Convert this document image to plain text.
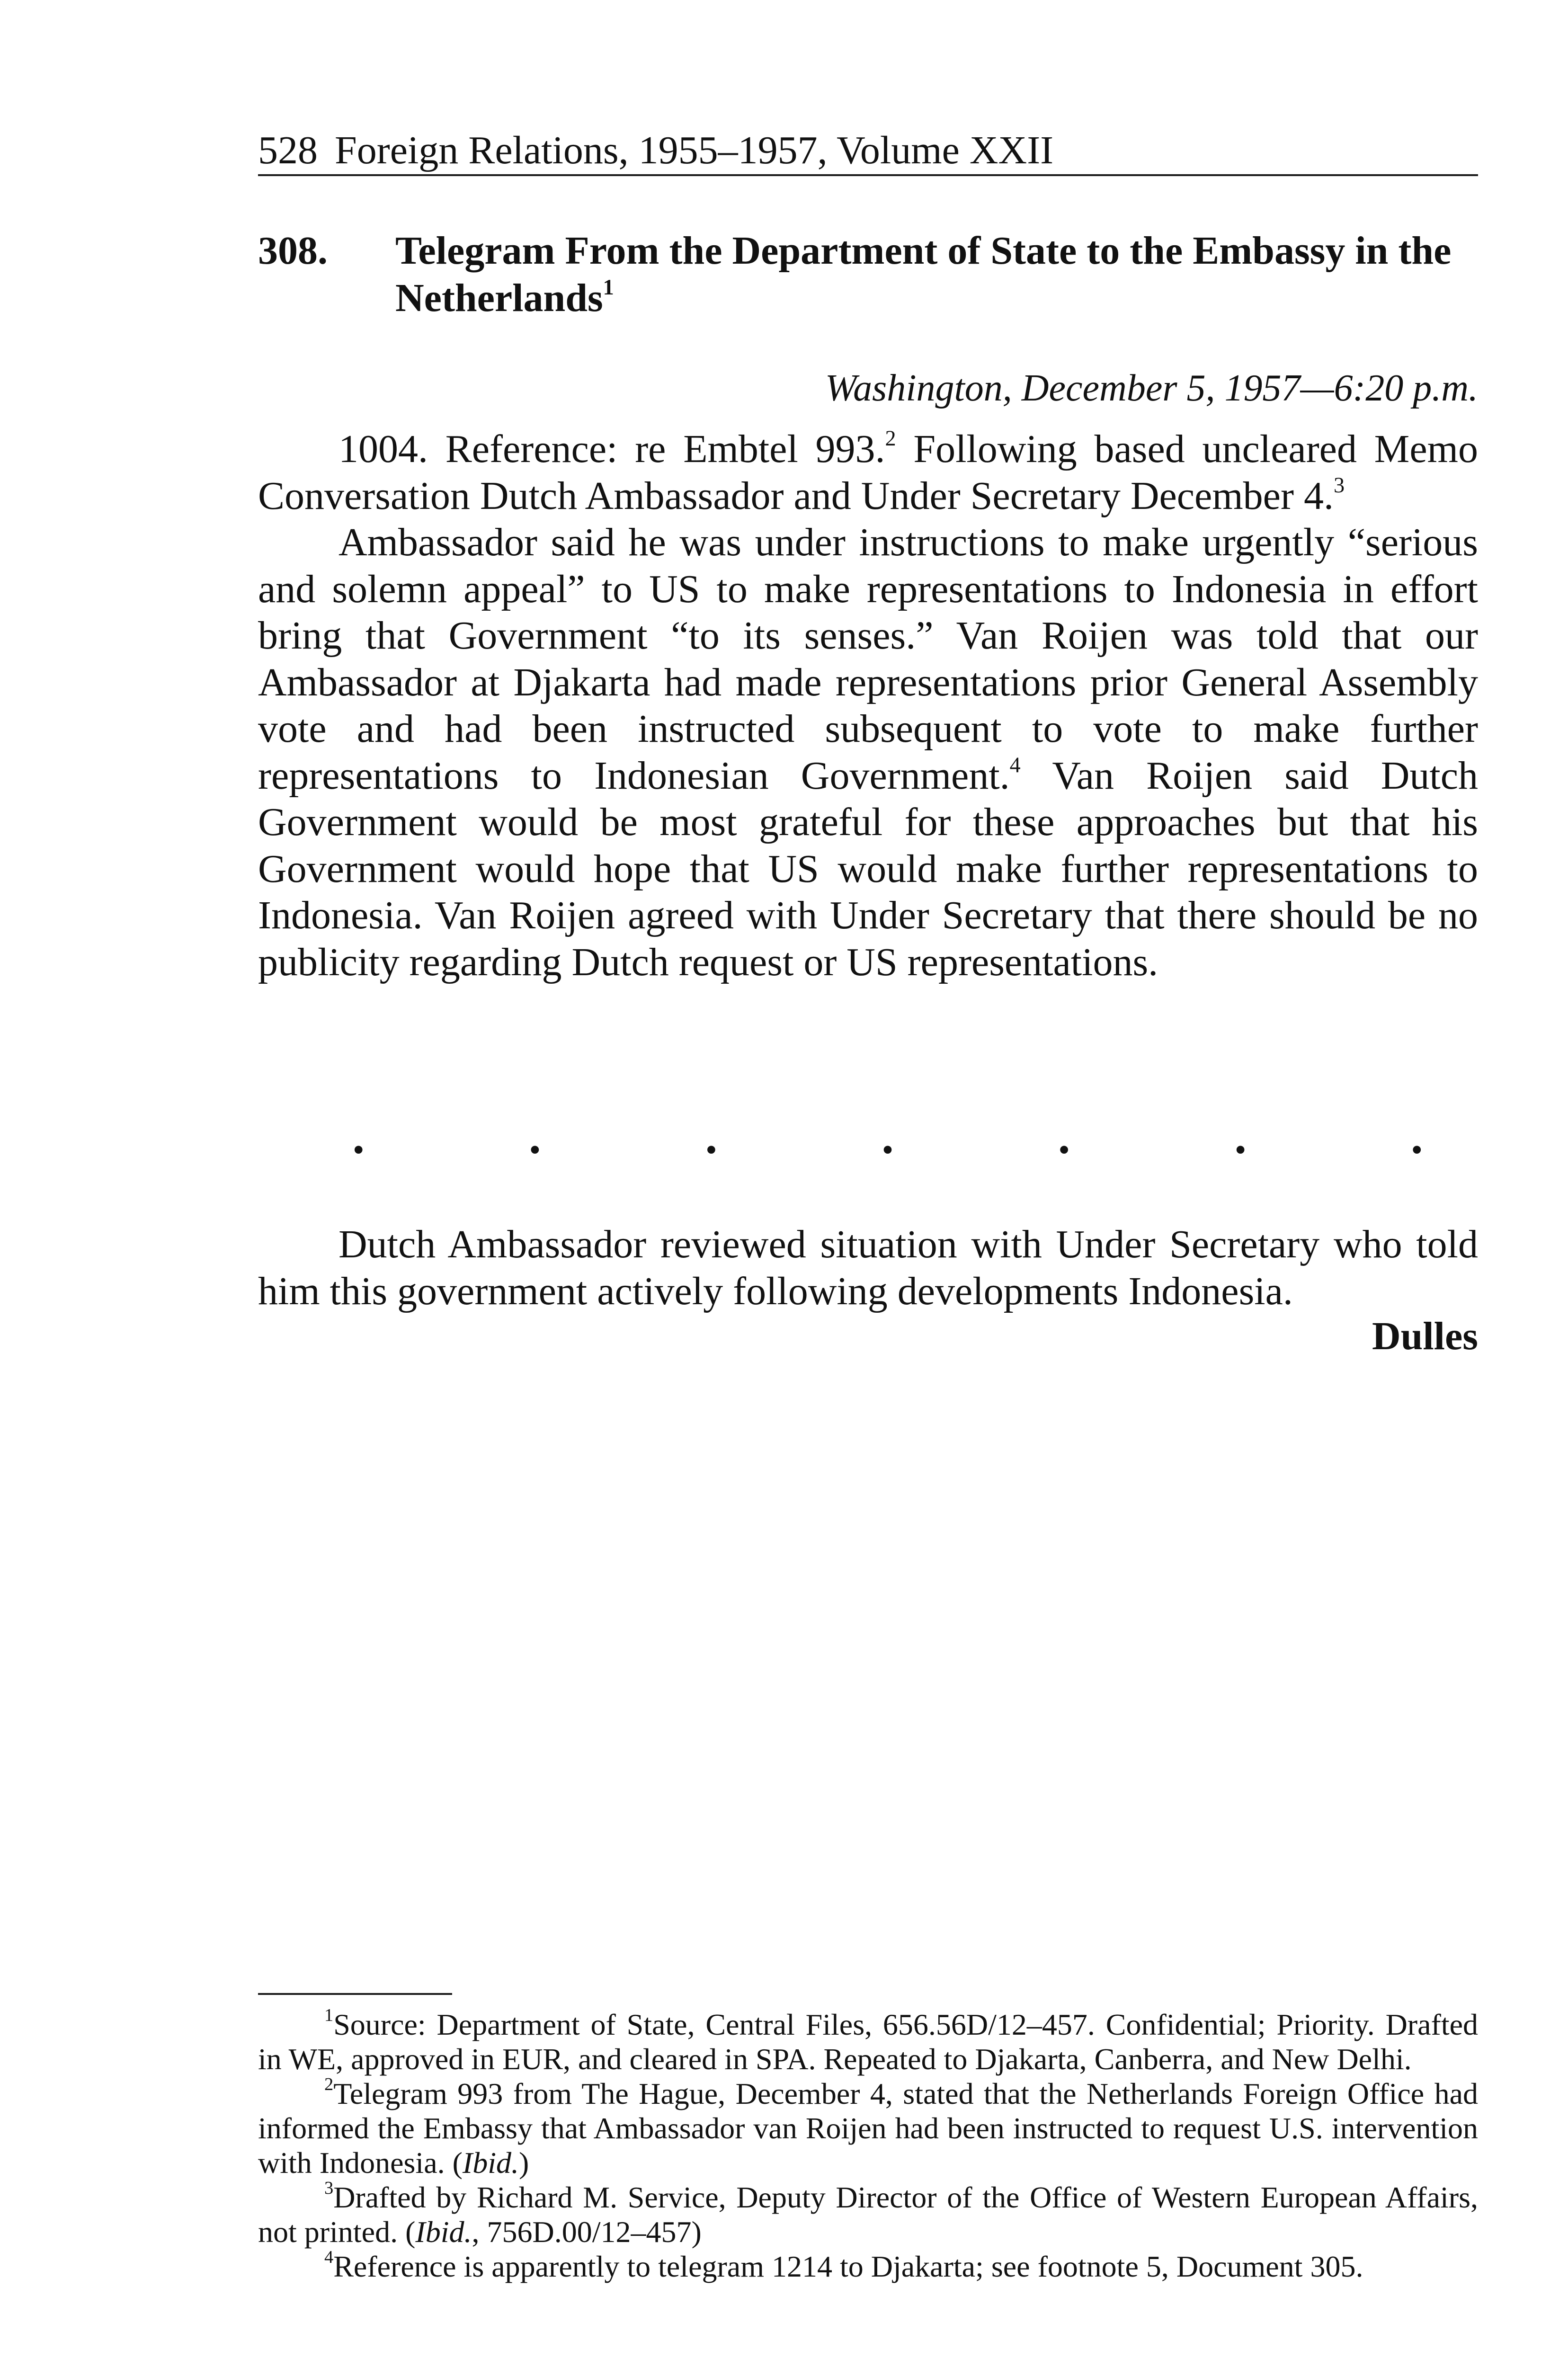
528 Foreign Relations, 1955–1957, Volume XXII
308. Telegram From the Department of State to the Embassy in the Netherlands$^1$
Washington, December 5, 1957—6:20 p.m.

1004. Reference: re Embtel 993.$^2$ Following based uncleared Memo Conversation Dutch Ambassador and Under Secretary December 4.$^3$

Ambassador said he was under instructions to make urgently “serious and solemn appeal” to US to make representations to Indonesia in effort bring that Government “to its senses.” Van Roijen was told that our Ambassador at Djakarta had made representations prior General Assembly vote and had been instructed subsequent to vote to make further representations to Indonesian Government.$^4$ Van Roijen said Dutch Government would be most grateful for these approaches but that his Government would hope that US would make further representations to Indonesia. Van Roijen agreed with Under Secretary that there should be no publicity regarding Dutch request or US representations.

•	•	•	•	•	•	•

Dutch Ambassador reviewed situation with Under Secretary who told him this government actively following developments Indonesia.

Dulles

$^1$Source: Department of State, Central Files, 656.56D/12–457. Confidential; Priority. Drafted in WE, approved in EUR, and cleared in SPA. Repeated to Djakarta, Canberra, and New Delhi.

$^2$Telegram 993 from The Hague, December 4, stated that the Netherlands Foreign Office had informed the Embassy that Ambassador van Roijen had been instructed to request U.S. intervention with Indonesia. (Ibid.)

$^3$Drafted by Richard M. Service, Deputy Director of the Office of Western European Affairs, not printed. (Ibid., 756D.00/12–457)

$^4$Reference is apparently to telegram 1214 to Djakarta; see footnote 5, Document 305.
